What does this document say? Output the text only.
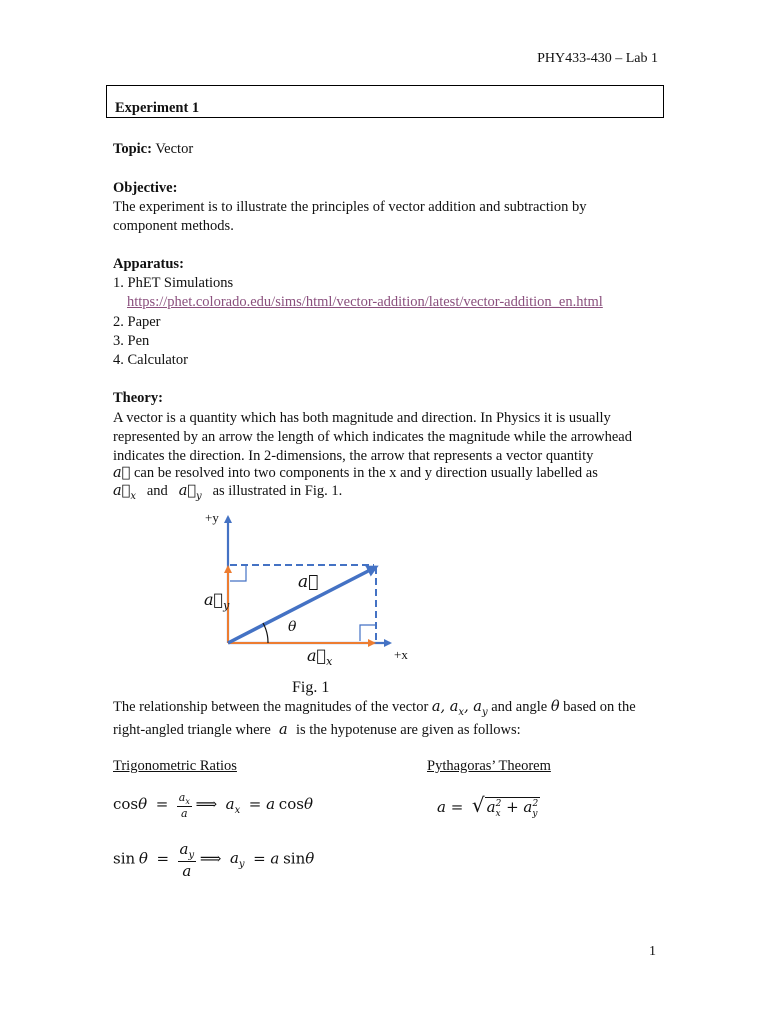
PHY433-430 – Lab 1
Experiment 1
Topic: Vector
Objective:
The experiment is to illustrate the principles of vector addition and subtraction by
component methods.
Apparatus:
1. PhET Simulations
https://phet.colorado.edu/sims/html/vector-addition/latest/vector-addition_en.html
2. Paper
3. Pen
4. Calculator
Theory:
A vector is a quantity which has both magnitude and direction. In Physics it is usually
represented by an arrow the length of which indicates the magnitude while the arrowhead
indicates the direction. In 2-dimensions, the arrow that represents a vector quantity
a⃗ can be resolved into two components in the x and y direction usually labelled as
$a⃗_x$ and $a⃗_y$ as illustrated in Fig. 1.
+y
+x
a
$a_y$
$a_x$
θ
Fig. 1
The relationship between the magnitudes of the vector a, $a_x$, $a_y$ and angle θ based on the
right-angled triangle where  a  is the hypotenuse are given as follows:
Trigonometric Ratios	Pythagoras’ Theorem
$\cos\theta = \frac{a_x}{a}$ ⟹  $a_x = a$ cosθ	a =  √ $a_x^2 + a_y^2$
$\sin \theta = \frac{a_y}{a}$ ⟹  $a_y = a$ sinθ
1
